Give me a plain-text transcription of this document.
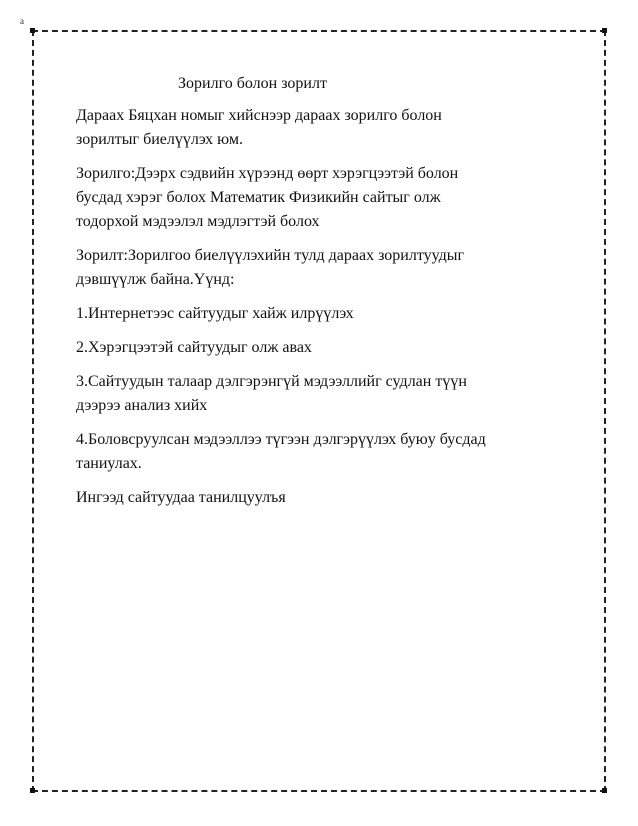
a
Зорилго болон зорилт

Дараах Бяцхан номыг хийснээр дараах зорилго болон
зорилтыг биелүүлэх юм.

Зорилго:Дээрх сэдвийн хүрээнд өөрт хэрэгцээтэй болон
бусдад хэрэг болох Математик Физикийн сайтыг олж
тодорхой мэдээлэл мэдлэгтэй болох

Зорилт:Зорилгоо биелүүлэхийн тулд дараах зорилтуудыг
дэвшүүлж байна.Үүнд:

1.Интернетээс сайтуудыг хайж илрүүлэх

2.Хэрэгцээтэй сайтуудыг олж авах

3.Сайтуудын талаар дэлгэрэнгүй мэдээллийг судлан түүн
дээрээ анализ хийх

4.Боловсруулсан мэдээллээ түгээн дэлгэрүүлэх буюу бусдад
таниулах.

Ингээд сайтуудаа танилцуулъя
